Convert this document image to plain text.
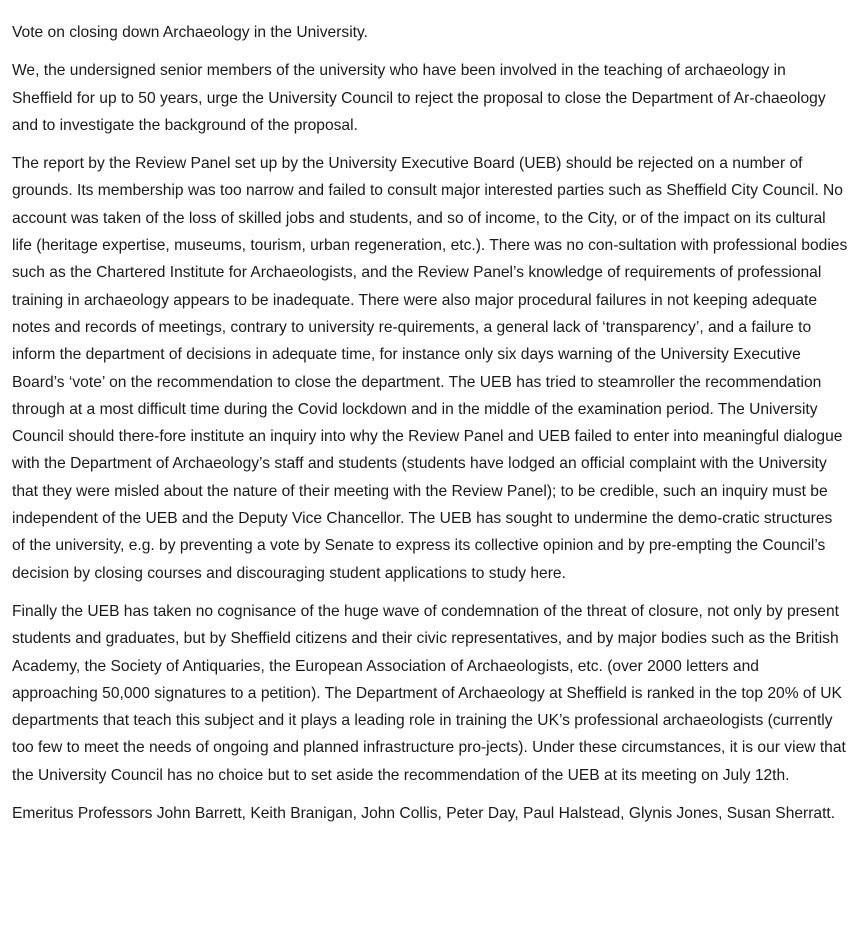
Vote on closing down Archaeology in the University.

We, the undersigned senior members of the university who have been involved in the teaching of archaeology in Sheffield for up to 50 years, urge the University Council to reject the proposal to close the Department of Ar-chaeology and to investigate the background of the proposal.

The report by the Review Panel set up by the University Executive Board (UEB) should be rejected on a number of grounds. Its membership was too narrow and failed to consult major interested parties such as Sheffield City Council. No account was taken of the loss of skilled jobs and students, and so of income, to the City, or of the impact on its cultural life (heritage expertise, museums, tourism, urban regeneration, etc.). There was no con-sultation with professional bodies such as the Chartered Institute for Archaeologists, and the Review Panel’s knowledge of requirements of professional training in archaeology appears to be inadequate. There were also major procedural failures in not keeping adequate notes and records of meetings, contrary to university re-quirements, a general lack of ‘transparency’, and a failure to inform the department of decisions in adequate time, for instance only six days warning of the University Executive Board’s ‘vote’ on the recommendation to close the department. The UEB has tried to steamroller the recommendation through at a most difficult time during the Covid lockdown and in the middle of the examination period. The University Council should there-fore institute an inquiry into why the Review Panel and UEB failed to enter into meaningful dialogue with the Department of Archaeology’s staff and students (students have lodged an official complaint with the University that they were misled about the nature of their meeting with the Review Panel); to be credible, such an inquiry must be independent of the UEB and the Deputy Vice Chancellor. The UEB has sought to undermine the demo-cratic structures of the university, e.g. by preventing a vote by Senate to express its collective opinion and by pre-empting the Council’s decision by closing courses and discouraging student applications to study here.

Finally the UEB has taken no cognisance of the huge wave of condemnation of the threat of closure, not only by present students and graduates, but by Sheffield citizens and their civic representatives, and by major bodies such as the British Academy, the Society of Antiquaries, the European Association of Archaeologists, etc. (over 2000 letters and approaching 50,000 signatures to a petition). The Department of Archaeology at Sheffield is ranked in the top 20% of UK departments that teach this subject and it plays a leading role in training the UK’s professional archaeologists (currently too few to meet the needs of ongoing and planned infrastructure pro-jects). Under these circumstances, it is our view that the University Council has no choice but to set aside the recommendation of the UEB at its meeting on July 12th.

Emeritus Professors John Barrett, Keith Branigan, John Collis, Peter Day, Paul Halstead, Glynis Jones, Susan Sherratt.
